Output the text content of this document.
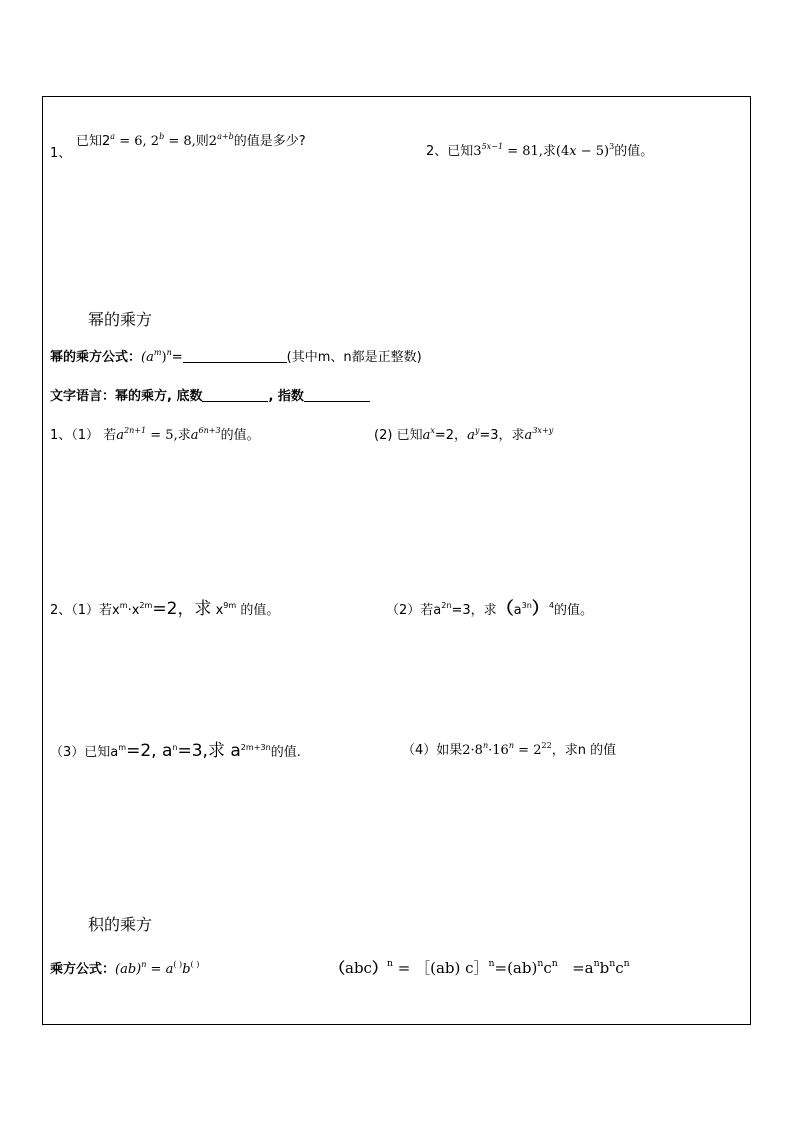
1、
已知$2^a = 6$, $2^b = 8$,则$2^{a+b}$的值是多少?
2、已知$3^{5x-1} = 81$,求$(4x - 5)^3$的值。
幂的乘方
幂的乘方公式：$(a^m)^n=$	(其中m、n都是正整数)
文字语言：幂的乘方, 底数	, 指数
1、（1） 若$a^{2n+1} = 5$,求$a^{6n+3}$的值。	(2) 已知$a^x=2$，$a^y=3$，求$a^{3x+y}$
2、（1）若$x^m\cdot x^{2m}=2$，求 $x^{9m}$ 的值。	（2）若$a^{2n}=3$，求$(a^{3n})^4$的值。
（3）已知$a^m=2$, $a^n=3$,求 $a^{2m+3n}$的值.	（4）如果$2\cdot 8^n\cdot 16^n = 2^{22}$，求n 的值
积的乘方
乘方公式：(ab)$^n$ = a( )b( )	（abc）$^n$ = ［(ab) $c]^n=(ab)^nc^n =a^nb^nc^n$
